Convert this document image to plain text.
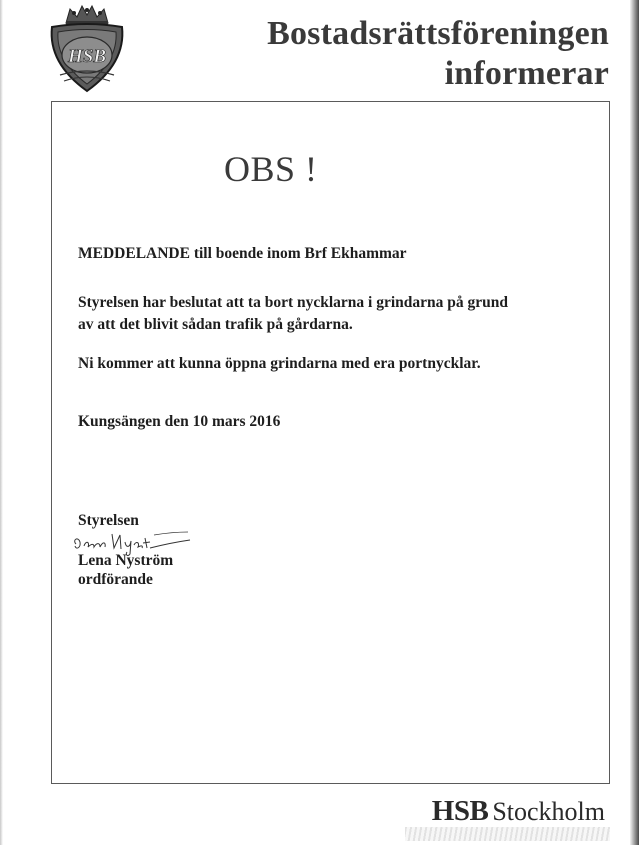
HSB
Bostadsrättsföreningen
informerar
OBS !
MEDDELANDE till boende inom Brf Ekhammar
Styrelsen har beslutat att ta bort nycklarna i grindarna på grund
av att det blivit sådan trafik på gårdarna.
Ni kommer att kunna öppna grindarna med era portnycklar.
Kungsängen den 10 mars 2016
Styrelsen
Lena Nyström
ordförande
HSB Stockholm
